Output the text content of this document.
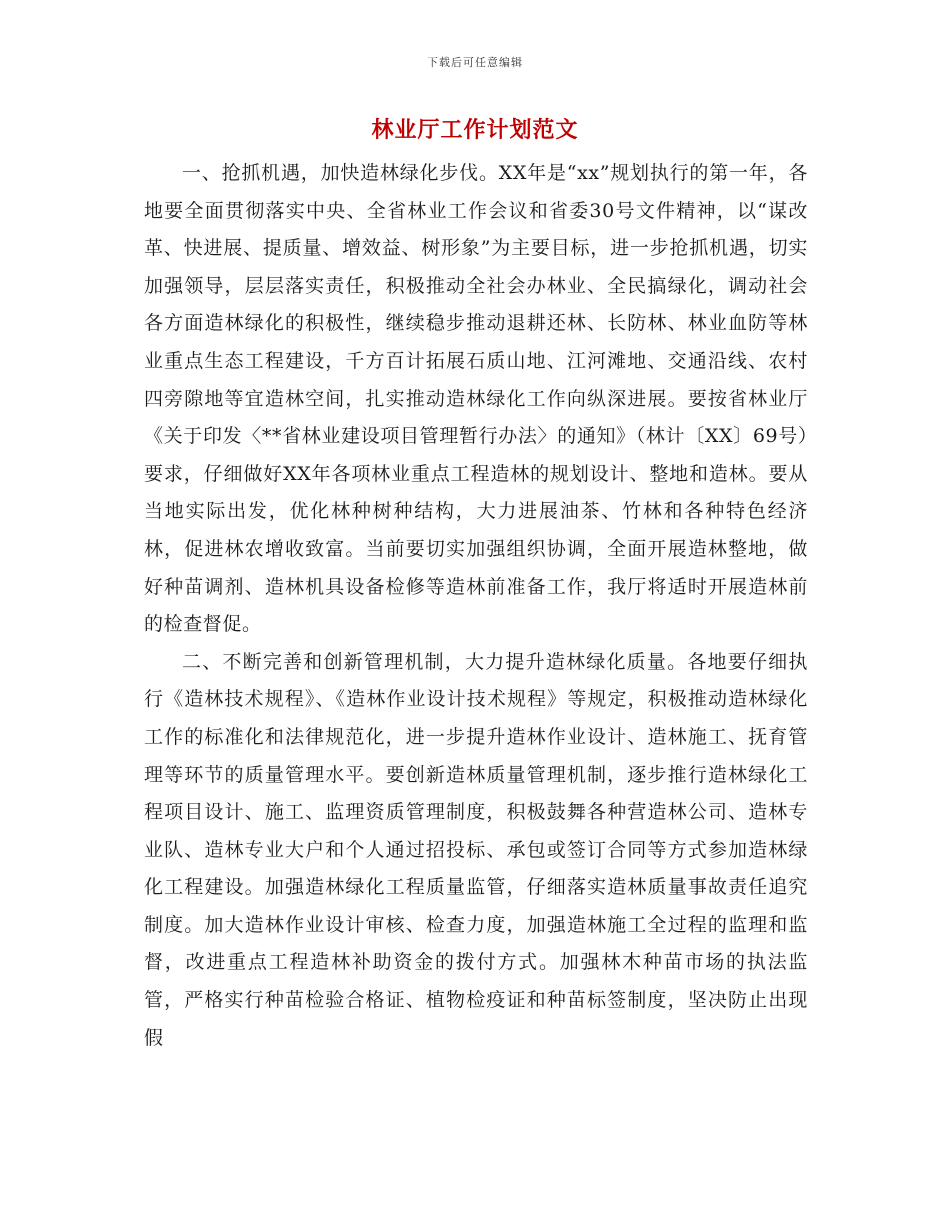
下载后可任意编辑
林业厅工作计划范文

一、抢抓机遇，加快造林绿化步伐。XX年是“xx”规划执行的第一年，各地要全面贯彻落实中央、全省林业工作会议和省委30号文件精神，以“谋改革、快进展、提质量、增效益、树形象”为主要目标，进一步抢抓机遇，切实加强领导，层层落实责任，积极推动全社会办林业、全民搞绿化，调动社会各方面造林绿化的积极性，继续稳步推动退耕还林、长防林、林业血防等林业重点生态工程建设，千方百计拓展石质山地、江河滩地、交通沿线、农村四旁隙地等宜造林空间，扎实推动造林绿化工作向纵深进展。要按省林业厅《关于印发〈**省林业建设项目管理暂行办法〉的通知》（林计〔XX〕69号）要求，仔细做好XX年各项林业重点工程造林的规划设计、整地和造林。要从当地实际出发，优化林种树种结构，大力进展油茶、竹林和各种特色经济林，促进林农增收致富。当前要切实加强组织协调，全面开展造林整地，做好种苗调剂、造林机具设备检修等造林前准备工作，我厅将适时开展造林前的检查督促。

二、不断完善和创新管理机制，大力提升造林绿化质量。各地要仔细执行《造林技术规程》、《造林作业设计技术规程》等规定，积极推动造林绿化工作的标准化和法律规范化，进一步提升造林作业设计、造林施工、抚育管理等环节的质量管理水平。要创新造林质量管理机制，逐步推行造林绿化工程项目设计、施工、监理资质管理制度，积极鼓舞各种营造林公司、造林专业队、造林专业大户和个人通过招投标、承包或签订合同等方式参加造林绿化工程建设。加强造林绿化工程质量监管，仔细落实造林质量事故责任追究制度。加大造林作业设计审核、检查力度，加强造林施工全过程的监理和监督，改进重点工程造林补助资金的拨付方式。加强林木种苗市场的执法监管，严格实行种苗检验合格证、植物检疫证和种苗标签制度，坚决防止出现假
